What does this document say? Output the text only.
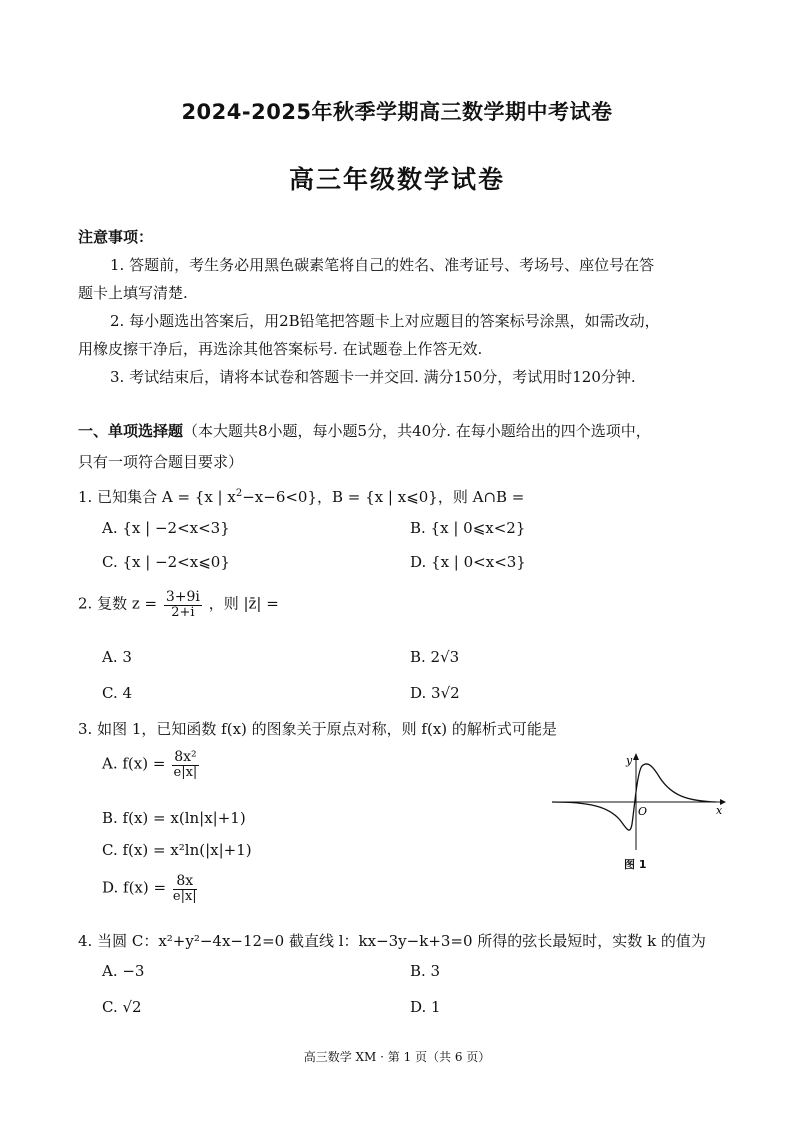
2024-2025年秋季学期高三数学期中考试卷
高三年级数学试卷
注意事项：
1. 答题前，考生务必用黑色碳素笔将自己的姓名、准考证号、考场号、座位号在答
题卡上填写清楚.
2. 每小题选出答案后，用2B铅笔把答题卡上对应题目的答案标号涂黑，如需改动，
用橡皮擦干净后，再选涂其他答案标号. 在试题卷上作答无效.
3. 考试结束后，请将本试卷和答题卡一并交回. 满分150分，考试用时120分钟.
一、单项选择题（本大题共8小题，每小题5分，共40分. 在每小题给出的四个选项中，
只有一项符合题目要求）
1. 已知集合 A = {x | $x^2-x-6<0$}，B = {x | x⩽0}，则 A∩B =
A. {x | −2<x<3}	B. {x | 0⩽x<2}
C. {x | −2<x⩽0}	D. {x | 0<x<3}
2. 复数 $z = \frac{3+9i}{2+i}$ ，则 |z̄| =
A. 3	B. 2√3
C. 4	D. 3√2
3. 如图 1，已知函数 f(x) 的图象关于原点对称，则 f(x) 的解析式可能是
A. $f(x) = \frac{\text{8x²}}{e|x|}$
B. f(x) = x(ln|x|+1)
C. f(x) = x²ln(|x|+1)
D. $f(x) = \frac{8x}{e|x|}$
y
x
O
图 1
4. 当圆 C：x²+y²−4x−12=0 截直线 l：kx−3y−k+3=0 所得的弦长最短时，实数 k 的值为
A. −3	B. 3
C. √2	D. 1
高三数学 XM · 第 1 页（共 6 页）
